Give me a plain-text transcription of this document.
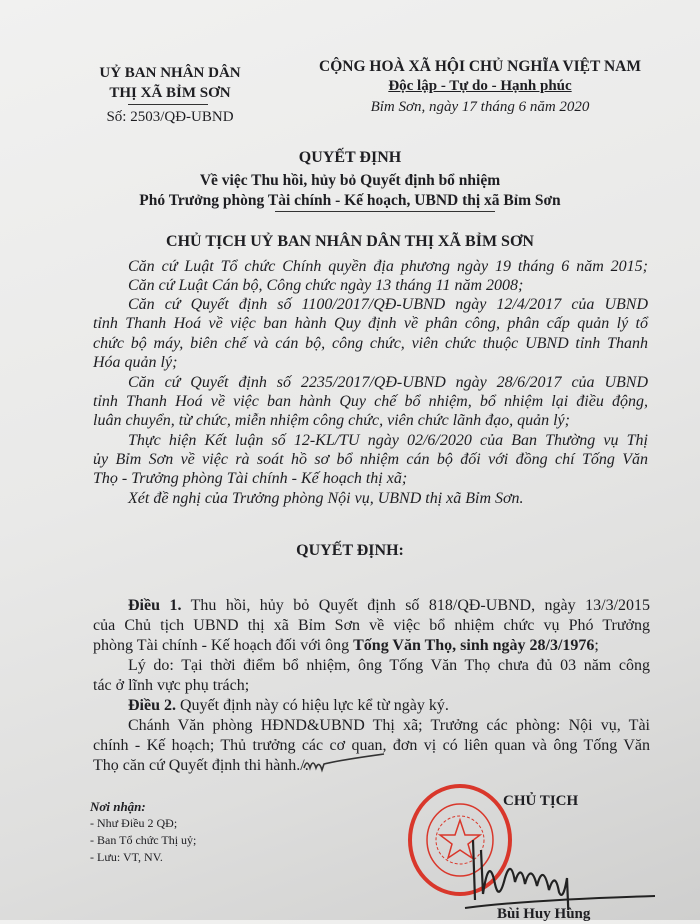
UỶ BAN NHÂN DÂN
THỊ XÃ BỈM SƠN
Số: 2503/QĐ-UBND
CỘNG HOÀ XÃ HỘI CHỦ NGHĨA VIỆT NAM
Độc lập - Tự do - Hạnh phúc
Bỉm Sơn, ngày 17 tháng 6 năm 2020
QUYẾT ĐỊNH
Về việc Thu hồi, hủy bỏ Quyết định bổ nhiệm
Phó Trưởng phòng Tài chính - Kế hoạch, UBND thị xã Bỉm Sơn
CHỦ TỊCH UỶ BAN NHÂN DÂN THỊ XÃ BỈM SƠN
Căn cứ Luật Tổ chức Chính quyền địa phương ngày 19 tháng 6 năm 2015;
Căn cứ Luật Cán bộ, Công chức ngày 13 tháng 11 năm 2008;
Căn cứ Quyết định số 1100/2017/QĐ-UBND ngày 12/4/2017 của UBND
tỉnh Thanh Hoá về việc ban hành Quy định về phân công, phân cấp quản lý tổ
chức bộ máy, biên chế và cán bộ, công chức, viên chức thuộc UBND tỉnh Thanh
Hóa quản lý;
Căn cứ Quyết định số 2235/2017/QĐ-UBND ngày 28/6/2017 của UBND
tỉnh Thanh Hoá về việc ban hành Quy chế bổ nhiệm, bổ nhiệm lại điều động,
luân chuyển, từ chức, miễn nhiệm công chức, viên chức lãnh đạo, quản lý;
Thực hiện Kết luận số 12-KL/TU ngày 02/6/2020 của Ban Thường vụ Thị
ủy Bỉm Sơn về việc rà soát hồ sơ bổ nhiệm cán bộ đối với đồng chí Tống Văn
Thọ - Trưởng phòng Tài chính - Kế hoạch thị xã;
Xét đề nghị của Trưởng phòng Nội vụ, UBND thị xã Bỉm Sơn.
QUYẾT ĐỊNH:
Điều 1. Thu hồi, hủy bỏ Quyết định số 818/QĐ-UBND, ngày 13/3/2015
của Chủ tịch UBND thị xã Bỉm Sơn về việc bổ nhiệm chức vụ Phó Trưởng
phòng Tài chính - Kế hoạch đối với ông Tống Văn Thọ, sinh ngày 28/3/1976;
Lý do: Tại thời điểm bổ nhiệm, ông Tống Văn Thọ chưa đủ 03 năm công
tác ở lĩnh vực phụ trách;
Điều 2. Quyết định này có hiệu lực kể từ ngày ký.
Chánh Văn phòng HĐND&UBND Thị xã; Trưởng các phòng: Nội vụ, Tài
chính - Kế hoạch; Thủ trưởng các cơ quan, đơn vị có liên quan và ông Tống Văn
Thọ căn cứ Quyết định thi hành./.
Nơi nhận:
- Như Điều 2 QĐ;
- Ban Tổ chức Thị uỷ;
- Lưu: VT, NV.
CHỦ TỊCH
Bùi Huy Hùng
